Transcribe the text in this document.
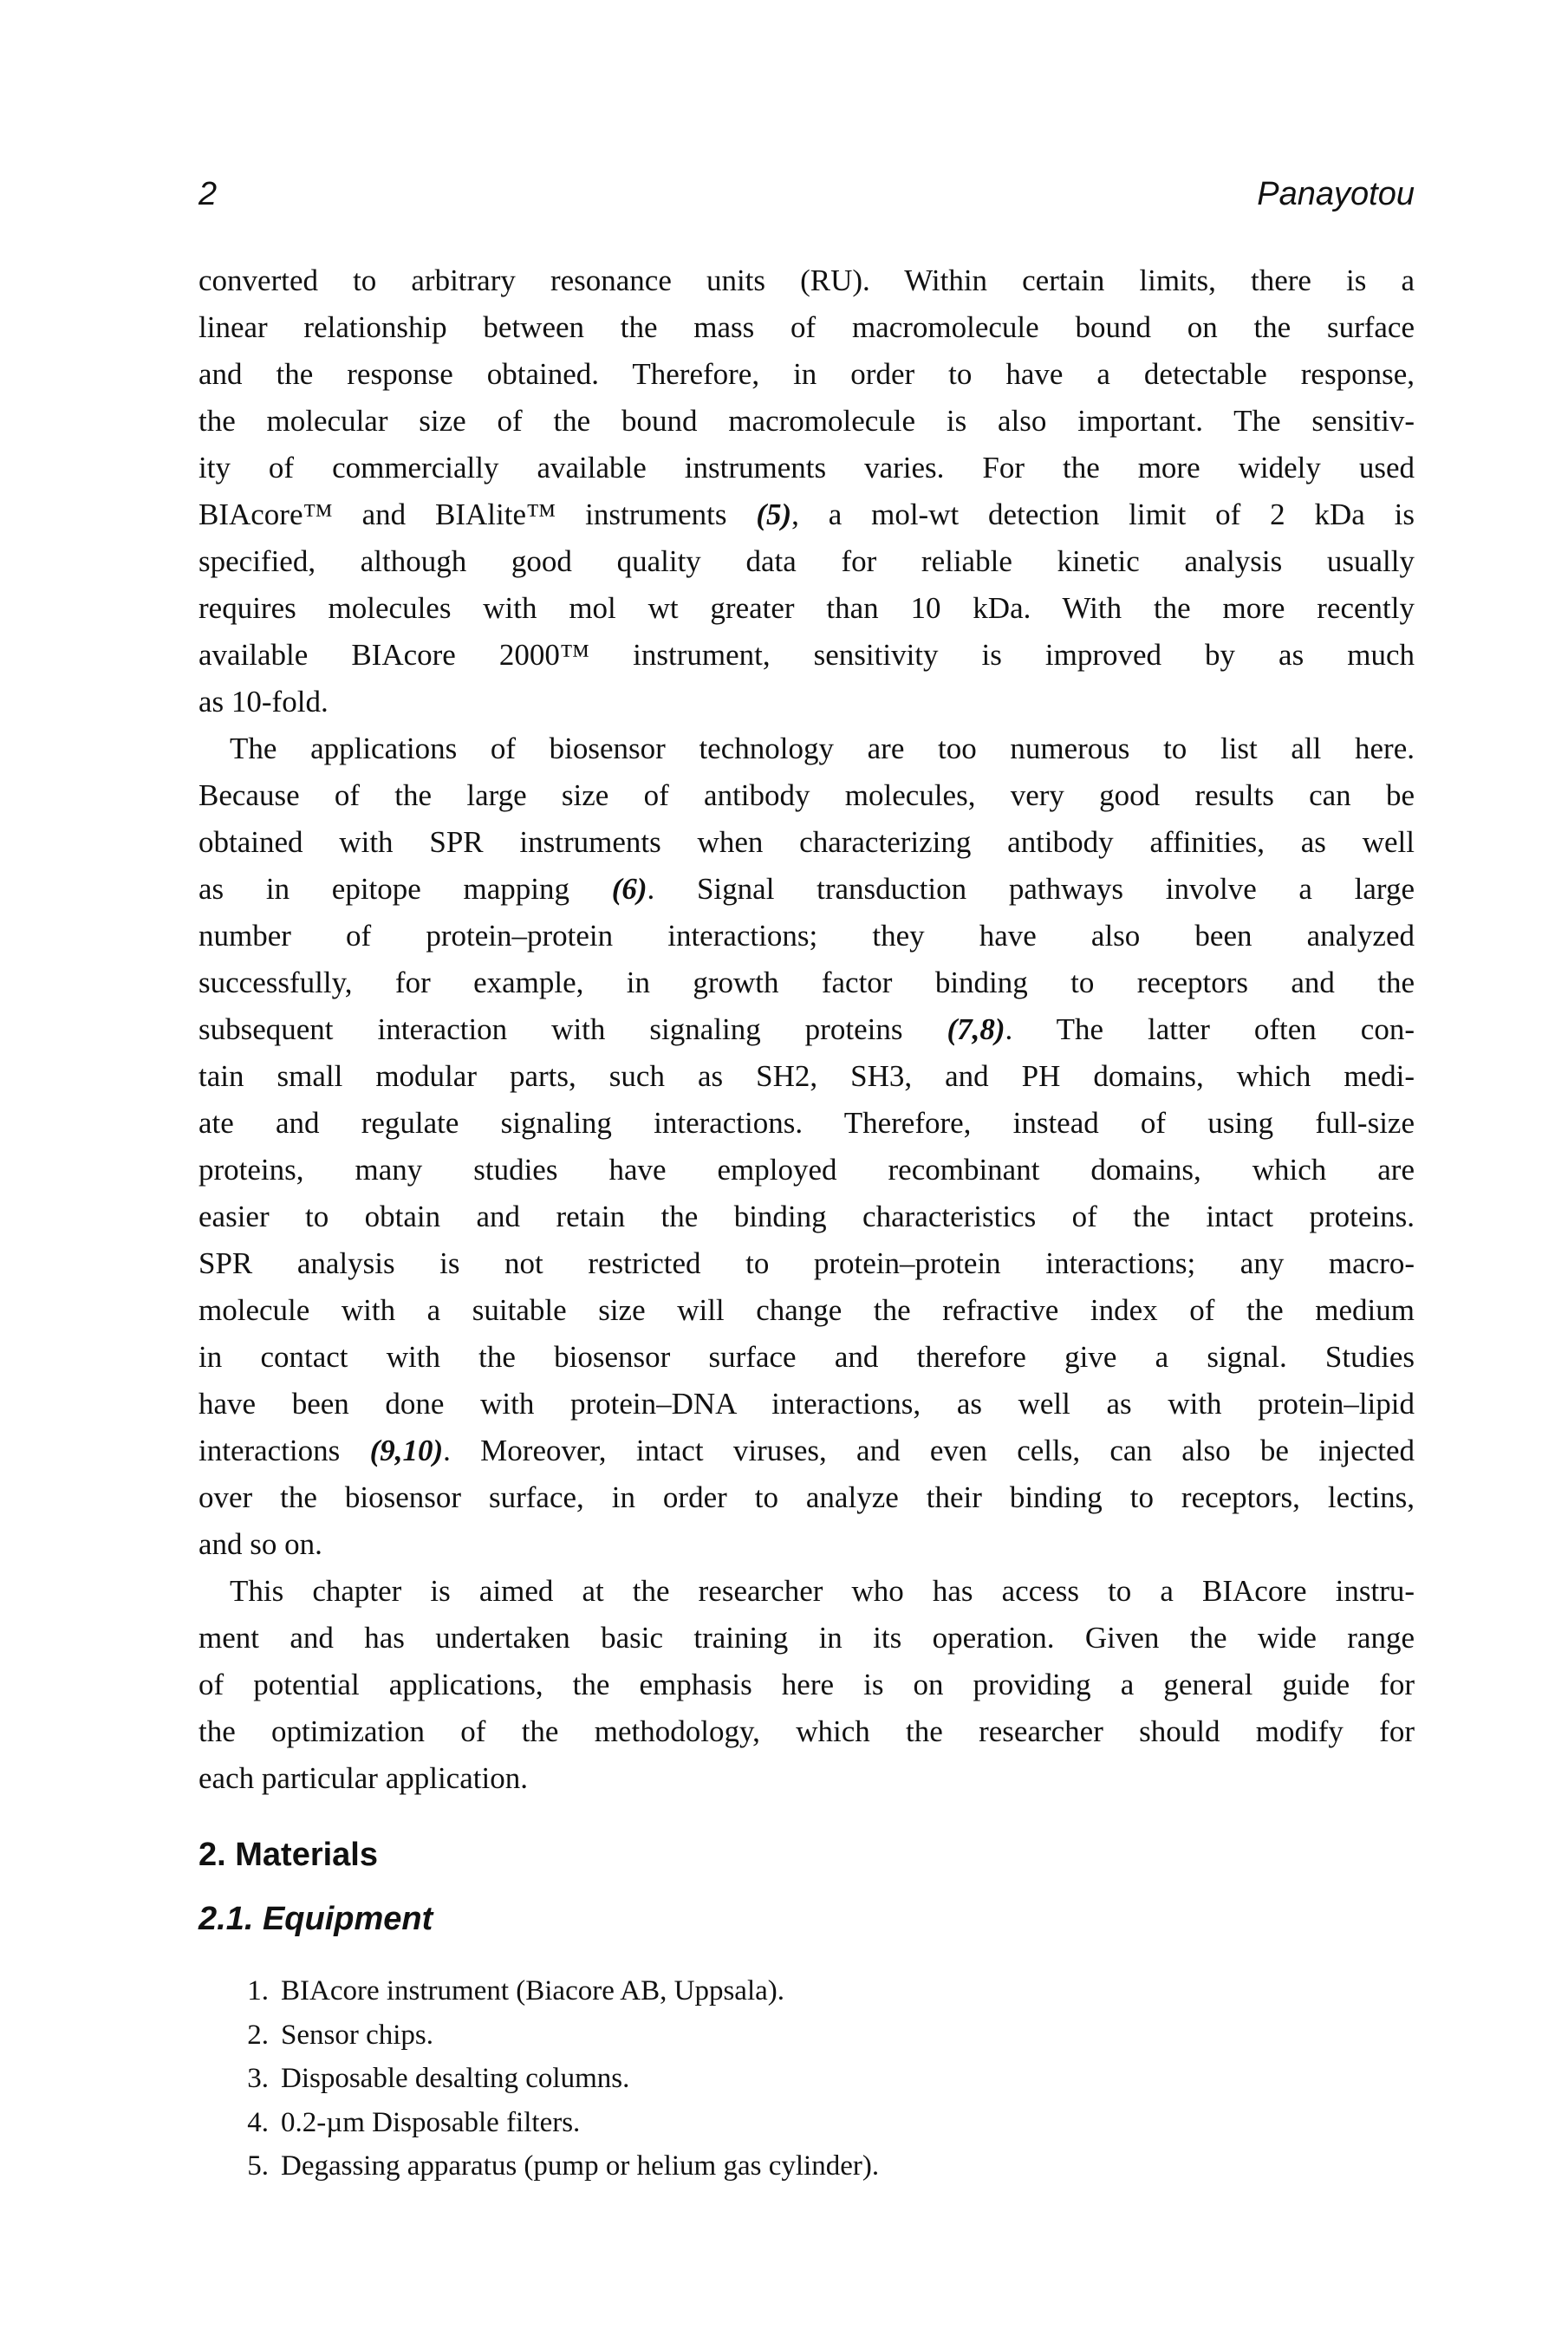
2	Panayotou
converted to arbitrary resonance units (RU). Within certain limits, there is a
linear relationship between the mass of macromolecule bound on the surface
and the response obtained. Therefore, in order to have a detectable response,
the molecular size of the bound macromolecule is also important. The sensitiv-
ity of commercially available instruments varies. For the more widely used
BIAcore™ and BIAlite™ instruments (5), a mol-wt detection limit of 2 kDa is
specified, although good quality data for reliable kinetic analysis usually
requires molecules with mol wt greater than 10 kDa. With the more recently
available BIAcore 2000™ instrument, sensitivity is improved by as much
as 10-fold.
The applications of biosensor technology are too numerous to list all here.
Because of the large size of antibody molecules, very good results can be
obtained with SPR instruments when characterizing antibody affinities, as well
as in epitope mapping (6). Signal transduction pathways involve a large
number of protein–protein interactions; they have also been analyzed
successfully, for example, in growth factor binding to receptors and the
subsequent interaction with signaling proteins (7,8). The latter often con-
tain small modular parts, such as SH2, SH3, and PH domains, which medi-
ate and regulate signaling interactions. Therefore, instead of using full-size
proteins, many studies have employed recombinant domains, which are
easier to obtain and retain the binding characteristics of the intact proteins.
SPR analysis is not restricted to protein–protein interactions; any macro-
molecule with a suitable size will change the refractive index of the medium
in contact with the biosensor surface and therefore give a signal. Studies
have been done with protein–DNA interactions, as well as with protein–lipid
interactions (9,10). Moreover, intact viruses, and even cells, can also be injected
over the biosensor surface, in order to analyze their binding to receptors, lectins,
and so on.
This chapter is aimed at the researcher who has access to a BIAcore instru-
ment and has undertaken basic training in its operation. Given the wide range
of potential applications, the emphasis here is on providing a general guide for
the optimization of the methodology, which the researcher should modify for
each particular application.
2. Materials
2.1. Equipment
1. BIAcore instrument (Biacore AB, Uppsala).
2. Sensor chips.
3. Disposable desalting columns.
4. 0.2-µm Disposable filters.
5. Degassing apparatus (pump or helium gas cylinder).
